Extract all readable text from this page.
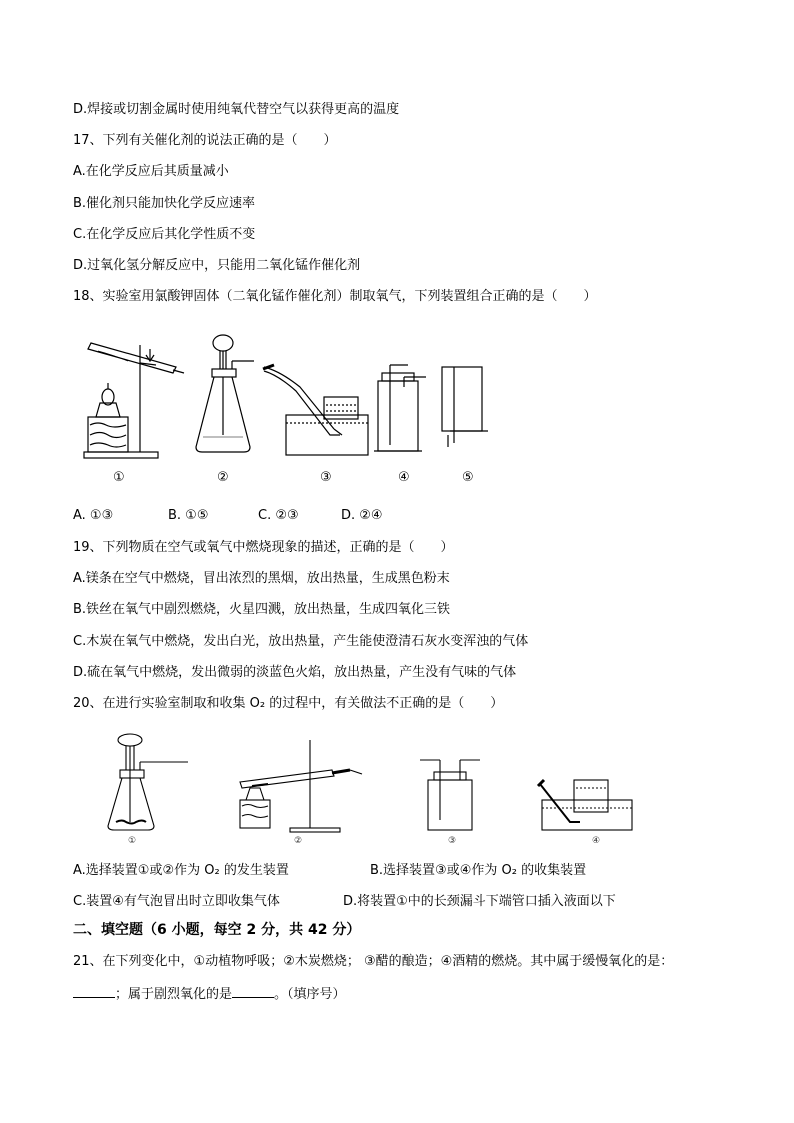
D.焊接或切割金属时使用纯氧代替空气以获得更高的温度
17、下列有关催化剂的说法正确的是（　　）
A.在化学反应后其质量减小
B.催化剂只能加快化学反应速率
C.在化学反应后其化学性质不变
D.过氧化氢分解反应中，只能用二氧化锰作催化剂
18、实验室用氯酸钾固体（二氧化锰作催化剂）制取氧气，下列装置组合正确的是（　　）
①	②	③	④	⑤
A. ①③	B. ①⑤	C. ②③	D. ②④
19、下列物质在空气或氧气中燃烧现象的描述，正确的是（　　）
A.镁条在空气中燃烧，冒出浓烈的黑烟，放出热量，生成黑色粉末
B.铁丝在氧气中剧烈燃烧，火星四溅，放出热量，生成四氧化三铁
C.木炭在氧气中燃烧，发出白光，放出热量，产生能使澄清石灰水变浑浊的气体
D.硫在氧气中燃烧，发出微弱的淡蓝色火焰，放出热量，产生没有气味的气体
20、在进行实验室制取和收集 O₂ 的过程中，有关做法不正确的是（　　）
①	②	③	④
A.选择装置①或②作为 O₂ 的发生装置	B.选择装置③或④作为 O₂ 的收集装置
C.装置④有气泡冒出时立即收集气体	D.将装置①中的长颈漏斗下端管口插入液面以下
二、填空题（6 小题，每空 2 分，共 42 分）
21、在下列变化中，①动植物呼吸；②木炭燃烧； ③醋的酿造；④酒精的燃烧。其中属于缓慢氧化的是：
；属于剧烈氧化的是	。（填序号）
